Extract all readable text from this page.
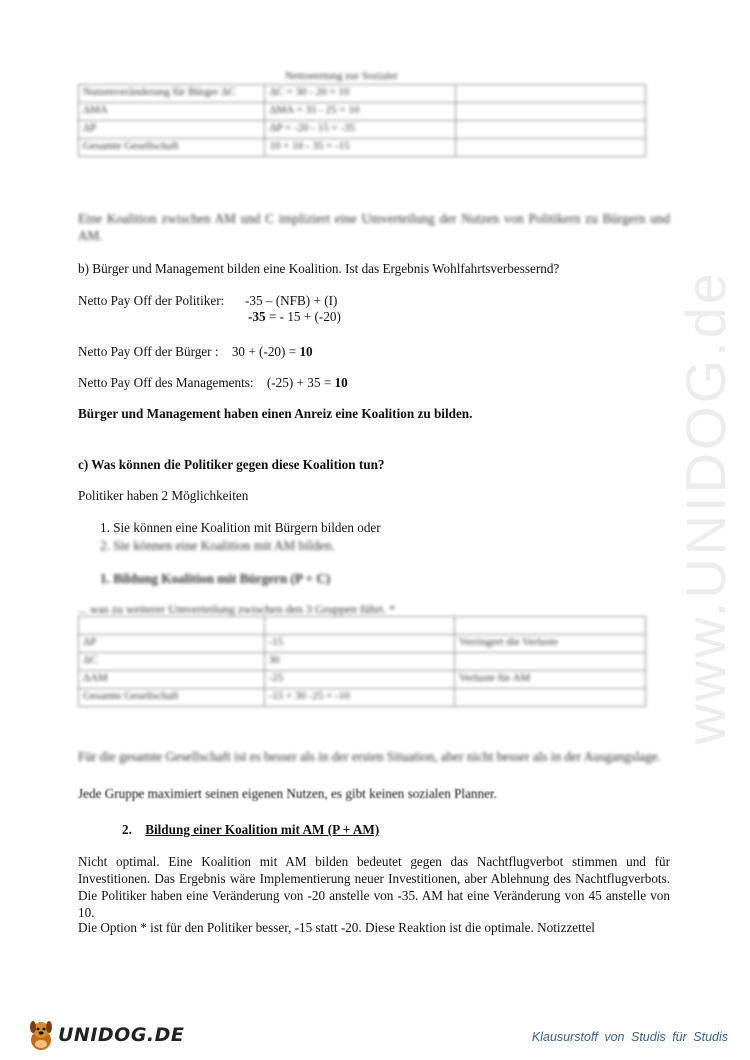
www.UNIDOG.de
Nettoeertung zur Sozialer
Nutzenveränderung für Bürger ΔC	ΔC = 30 - 20 = 10	
ΔMA	ΔMA = 35 - 25 = 10	
ΔP	ΔP = -20 - 15 = -35	
Gesamte Gesellschaft	10 + 10 - 35 = -15	
Eine Koalition zwischen AM und C impliziert eine Umverteilung der Nutzen von Politikern zu Bürgern und AM.
b) Bürger und Management bilden eine Koalition. Ist das Ergebnis Wohlfahrtsverbessernd?
Netto Pay Off der Politiker: -35 – (NFB) + (I)
-35 = - 15 + (-20)
Netto Pay Off der Bürger : 30 + (-20) = 10
Netto Pay Off des Managements: (-25) + 35 = 10
Bürger und Management haben einen Anreiz eine Koalition zu bilden.
c) Was können die Politiker gegen diese Koalition tun?
Politiker haben 2 Möglichkeiten
1. Sie können eine Koalition mit Bürgern bilden oder
2. Sie können eine Koalition mit AM bilden.
1. Bildung Koalition mit Bürgern (P + C)
... was zu weiterer Umverteilung zwischen den 3 Gruppen führt. *

ΔP	-15	Verringert die Verluste
ΔC	30	
ΔAM	-25	Verluste für AM
Gesamte Gesellschaft	-15 + 30 -25 = -10	
Für die gesamte Gesellschaft ist es besser als in der ersten Situation, aber nicht besser als in der Ausgangslage.
Jede Gruppe maximiert seinen eigenen Nutzen, es gibt keinen sozialen Planner.
2. Bildung einer Koalition mit AM (P + AM)
Nicht optimal. Eine Koalition mit AM bilden bedeutet gegen das Nachtflugverbot stimmen und für Investitionen. Das Ergebnis wäre Implementierung neuer Investitionen, aber Ablehnung des Nachtflugverbots. Die Politiker haben eine Veränderung von -20 anstelle von -35. AM hat eine Veränderung von 45 anstelle von 10.
Die Option * ist für den Politiker besser, -15 statt -20. Diese Reaktion ist die optimale. Notizzettel
UNIDOG.DE	Klausurstoff von Studis für Studis
